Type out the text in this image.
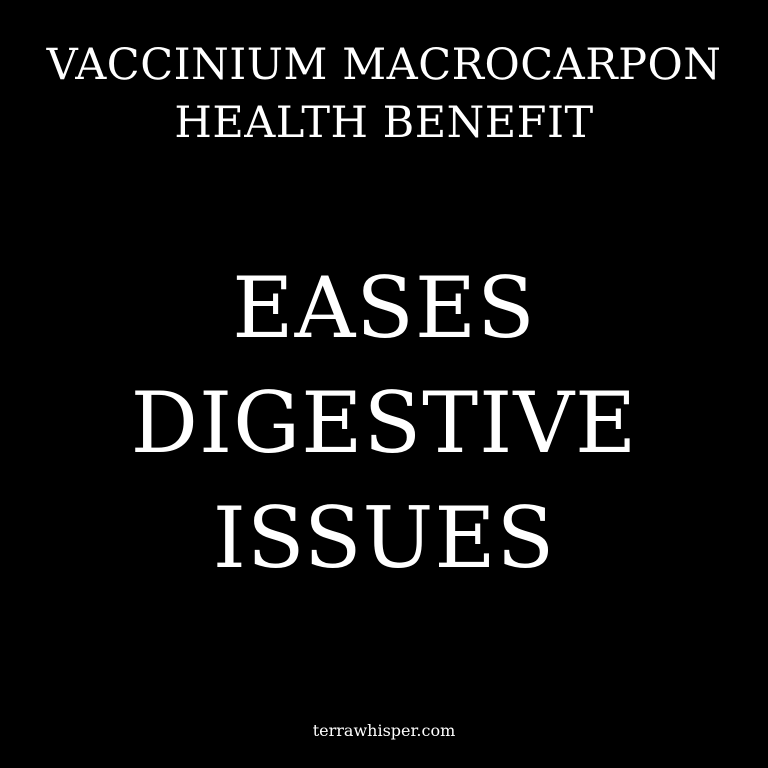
VACCINIUM MACROCARPON
HEALTH BENEFIT
EASES
DIGESTIVE
ISSUES
terrawhisper.com
